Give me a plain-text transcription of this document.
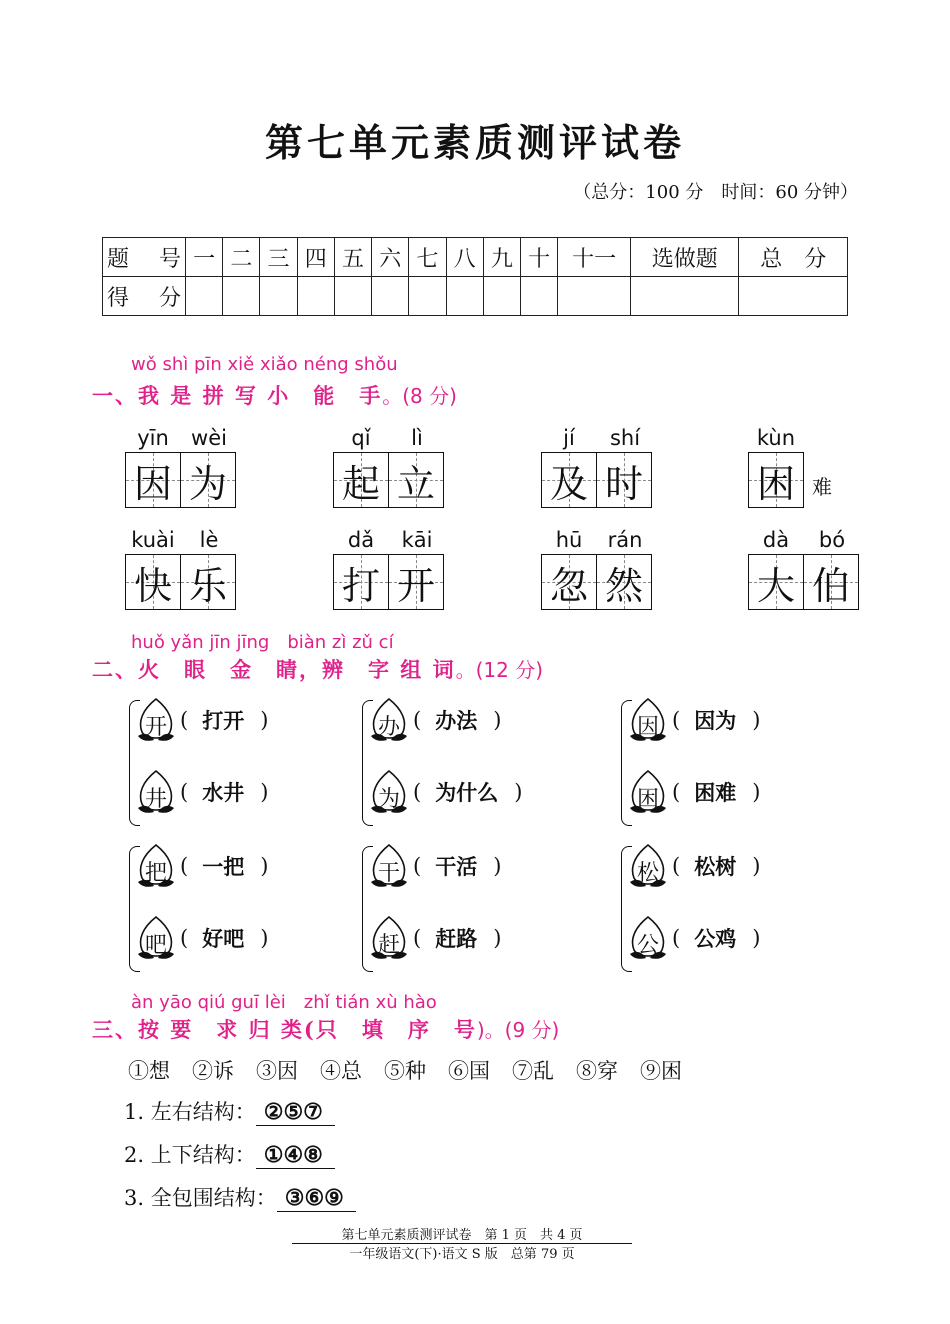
第七单元素质测评试卷
（总分：100 分　时间：60 分钟）
题　号	一	二	三	四	五	六	七	八	九	十	十一	选做题	总　分
得　分													
wǒ shì pīn xiě xiǎo néng shǒu
一、我 是 拼 写 小　能　手。(8 分)
yīn	wèi
因 为
qǐ	lì
起 立
jí	shí
及 时
kùn
困 难
kuài	lè
快 乐
dǎ	kāi
打 开
hū	rán
忽 然
dà	bó
大 伯
huǒ yǎn jīn jīng　biàn zì zǔ cí
二、火　眼　金　睛，辨　字 组 词。(12 分)
开 ( 打开 )
井 ( 水井 )
办 ( 办法 )
为 ( 为什么 )
因 ( 因为 )
困 ( 困难 )
把 ( 一把 )
吧 ( 好吧 )
干 ( 干活 )
赶 ( 赶路 )
松 ( 松树 )
公 ( 公鸡 )
àn yāo qiú guī lèi　zhǐ tián xù hào
三、按 要　求 归 类(只　填　序　号)。(9 分)
①想 ②诉 ③因 ④总 ⑤种 ⑥国 ⑦乱 ⑧穿 ⑨困
1. 左右结构： ②⑤⑦
2. 上下结构： ①④⑧
3. 全包围结构： ③⑥⑨
第七单元素质测评试卷　第 1 页　共 4 页
一年级语文(下)·语文 S 版　总第 79 页
